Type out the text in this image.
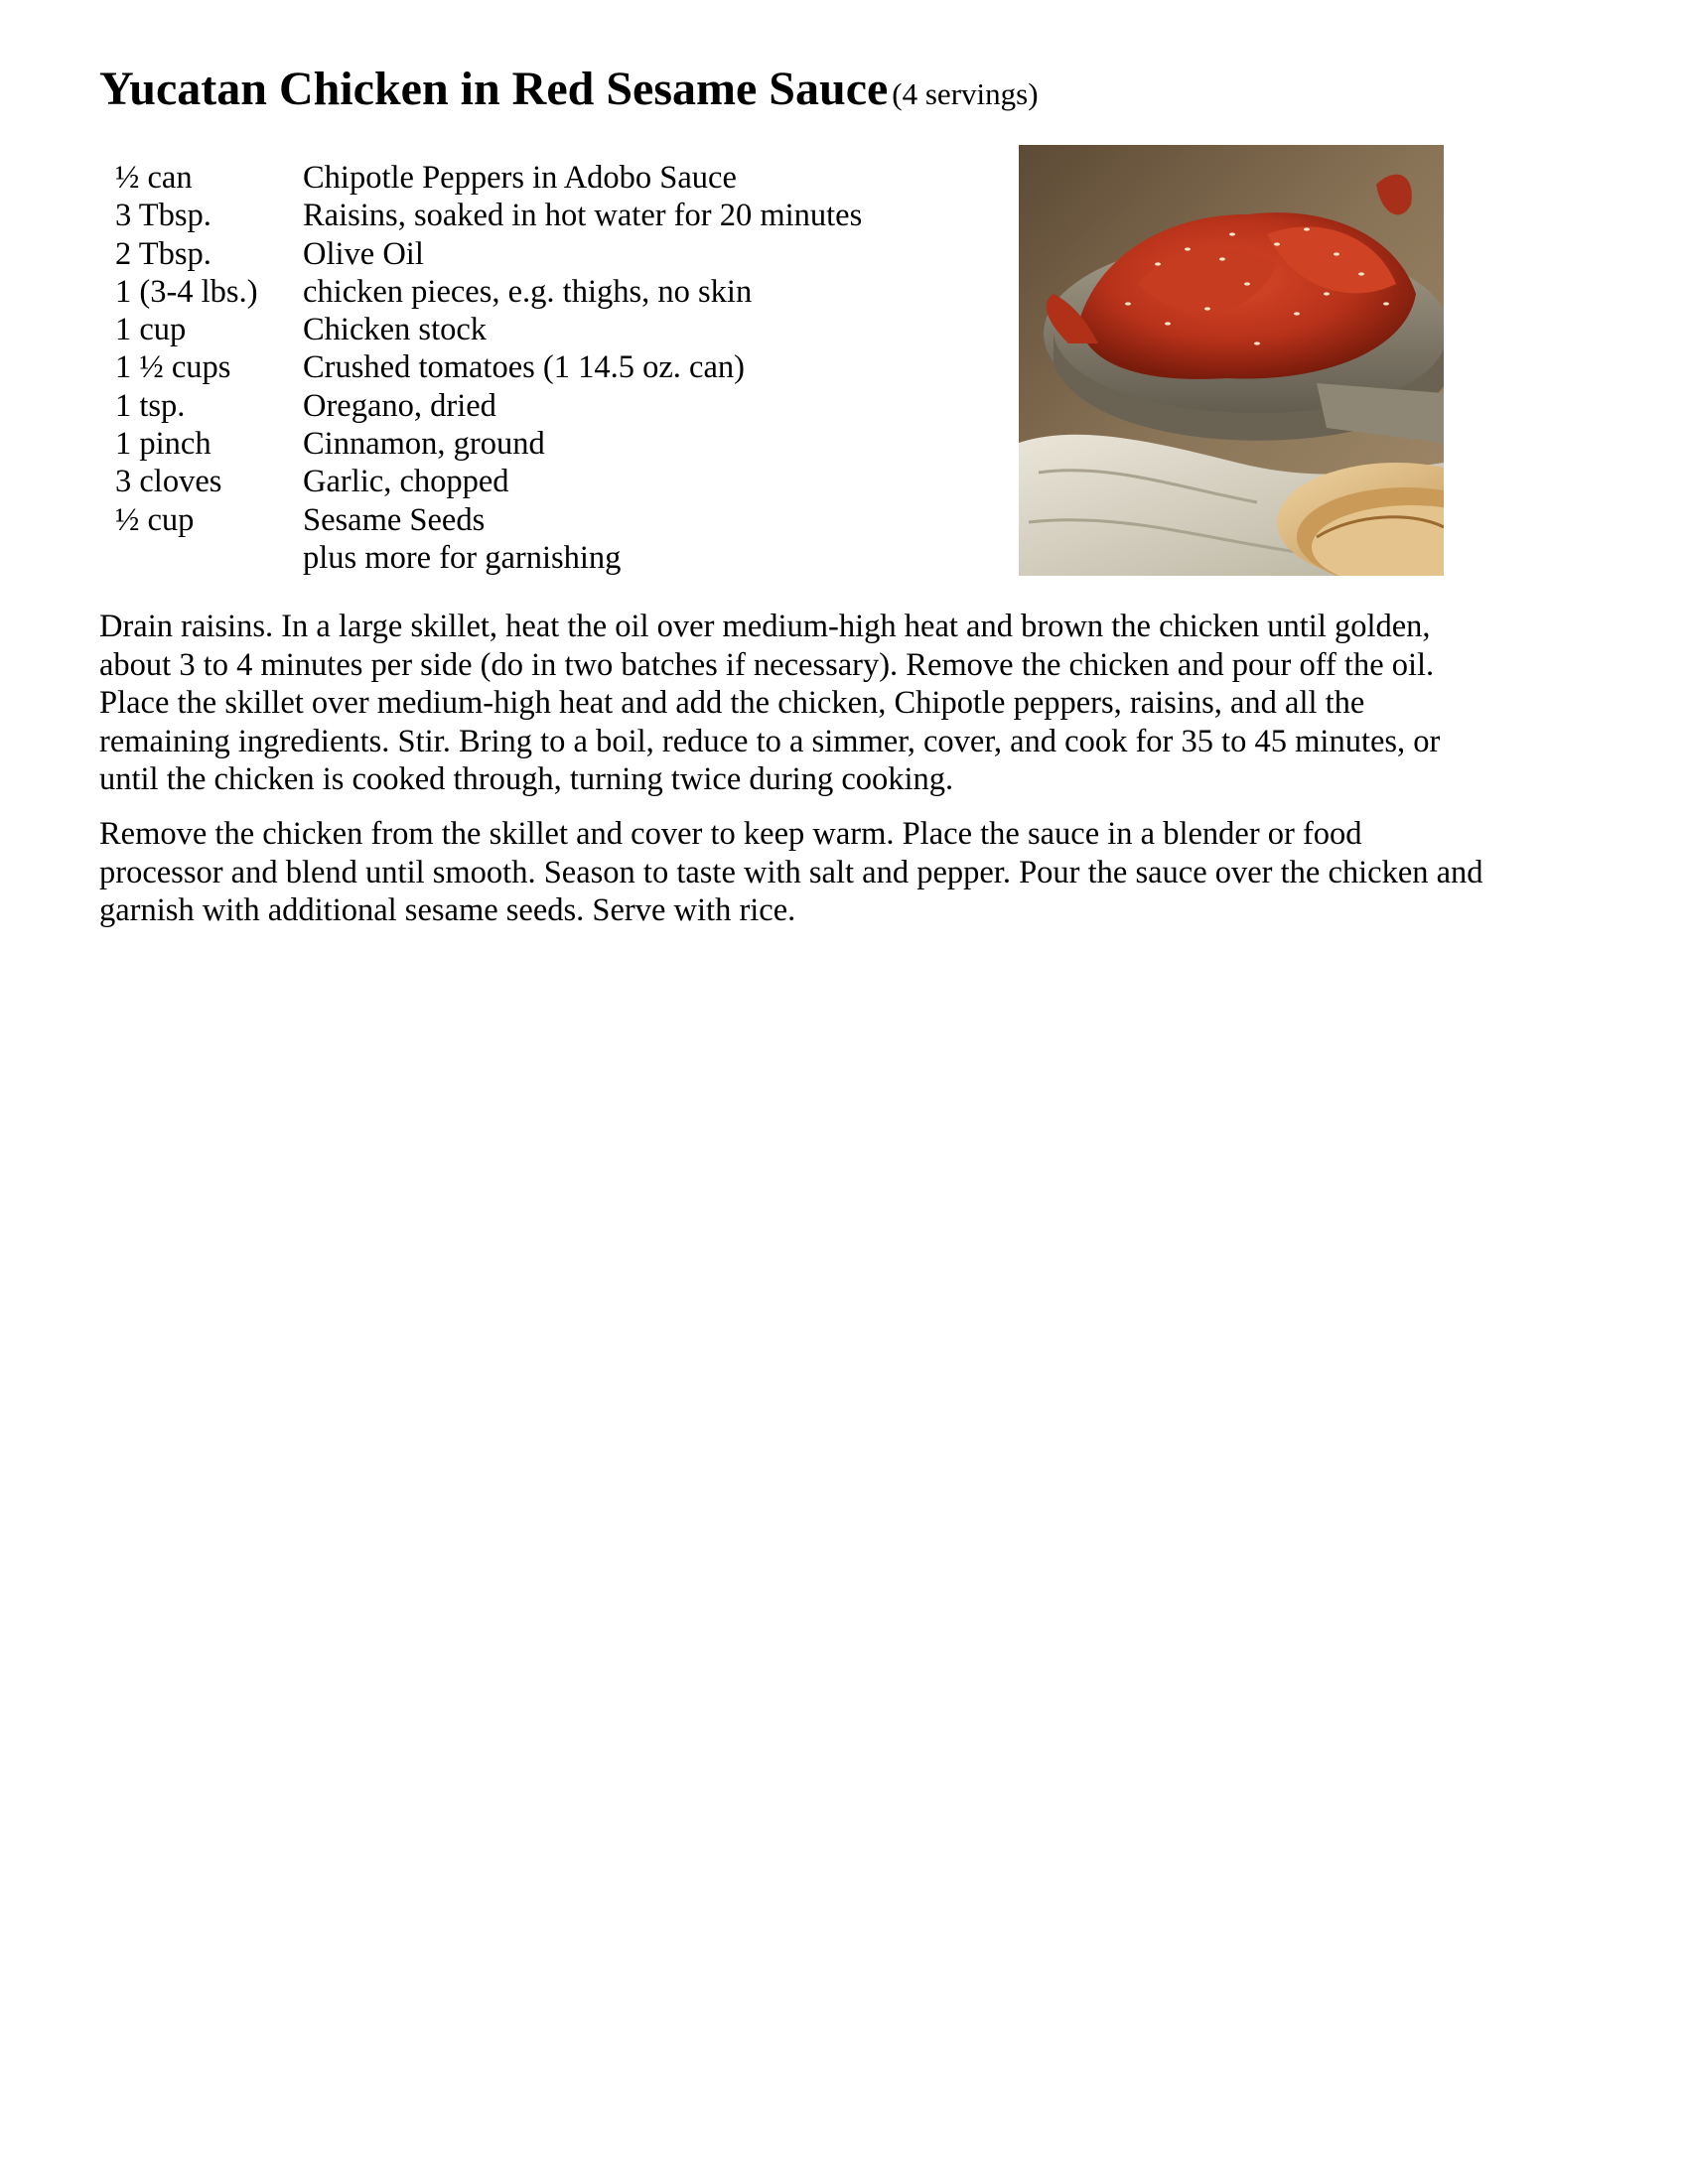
Yucatan Chicken in Red Sesame Sauce (4 servings)
½ can	Chipotle Peppers in Adobo Sauce
3 Tbsp.	Raisins, soaked in hot water for 20 minutes
2 Tbsp.	Olive Oil
1 (3-4 lbs.)	chicken pieces, e.g. thighs, no skin
1 cup	Chicken stock
1 ½ cups	Crushed tomatoes (1 14.5 oz. can)
1 tsp.	Oregano, dried
1 pinch	Cinnamon, ground
3 cloves	Garlic, chopped
½ cup	Sesame Seeds
plus more for garnishing

Drain raisins. In a large skillet, heat the oil over medium-high heat and brown the chicken until golden, about 3 to 4 minutes per side (do in two batches if necessary). Remove the chicken and pour off the oil. Place the skillet over medium-high heat and add the chicken, Chipotle peppers, raisins, and all the remaining ingredients. Stir. Bring to a boil, reduce to a simmer, cover, and cook for 35 to 45 minutes, or until the chicken is cooked through, turning twice during cooking.

Remove the chicken from the skillet and cover to keep warm. Place the sauce in a blender or food processor and blend until smooth. Season to taste with salt and pepper. Pour the sauce over the chicken and garnish with additional sesame seeds. Serve with rice.
